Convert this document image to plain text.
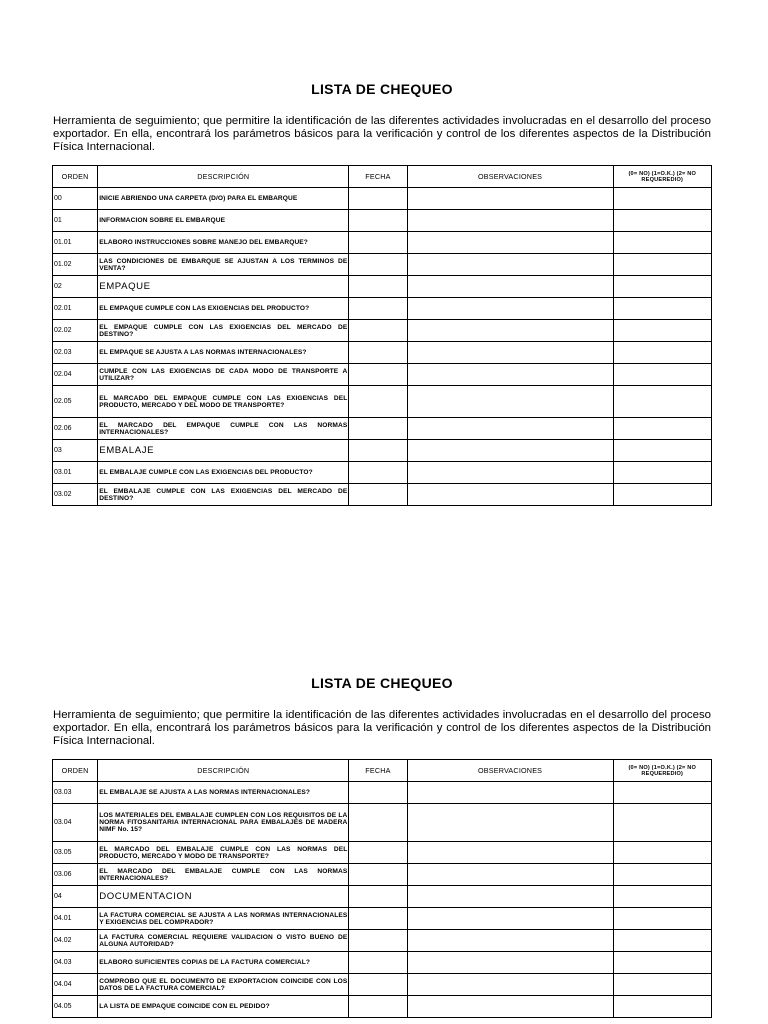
LISTA DE CHEQUEO

Herramienta de seguimiento; que permitire la identificación de las diferentes actividades involucradas en el desarrollo del proceso exportador. En ella, encontrará los parámetros básicos para la verificación y control de los diferentes aspectos de la Distribución Física Internacional.

ORDEN	DESCRIPCIÓN	FECHA	OBSERVACIONES	(0= NO) (1=O.K.) (2= NO REQUEREDIO)
00	INICIE ABRIENDO UNA CARPETA (D/O) PARA EL EMBARQUE			
01	INFORMACION SOBRE EL EMBARQUE			
01.01	ELABORO INSTRUCCIONES SOBRE MANEJO DEL EMBARQUE?			
01.02	LAS CONDICIONES DE EMBARQUE SE AJUSTAN A LOS TERMINOS DE VENTA?			
02	EMPAQUE			
02.01	EL EMPAQUE CUMPLE CON LAS EXIGENCIAS DEL PRODUCTO?			
02.02	EL EMPAQUE CUMPLE CON LAS EXIGENCIAS DEL MERCADO DE DESTINO?			
02.03	EL EMPAQUE SE AJUSTA A LAS NORMAS INTERNACIONALES?			
02.04	CUMPLE CON LAS EXIGENCIAS DE CADA MODO DE TRANSPORTE A UTILIZAR?			
02.05	EL MARCADO DEL EMPAQUE CUMPLE CON LAS EXIGENCIAS DEL PRODUCTO, MERCADO Y DEL MODO DE TRANSPORTE?			
02.06	EL MARCADO DEL EMPAQUE CUMPLE CON LAS NORMAS INTERNACIONALES?			
03	EMBALAJE			
03.01	EL EMBALAJE CUMPLE CON LAS EXIGENCIAS DEL PRODUCTO?			
03.02	EL EMBALAJE CUMPLE CON LAS EXIGENCIAS DEL MERCADO DE DESTINO?			
LISTA DE CHEQUEO

Herramienta de seguimiento; que permitire la identificación de las diferentes actividades involucradas en el desarrollo del proceso exportador. En ella, encontrará los parámetros básicos para la verificación y control de los diferentes aspectos de la Distribución Física Internacional.

ORDEN	DESCRIPCIÓN	FECHA	OBSERVACIONES	(0= NO) (1=O.K.) (2= NO REQUEREDIO)
03.03	EL EMBALAJE SE AJUSTA A LAS NORMAS INTERNACIONALES?			
03.04	LOS MATERIALES DEL EMBALAJE CUMPLEN CON LOS REQUISITOS DE LA NORMA FITOSANITARIA INTERNACIONAL PARA EMBALAJES DE MADERA NIMF No. 15?			
03.05	EL MARCADO DEL EMBALAJE CUMPLE CON LAS NORMAS DEL PRODUCTO, MERCADO Y MODO DE TRANSPORTE?			
03.06	EL MARCADO DEL EMBALAJE CUMPLE CON LAS NORMAS INTERNACIONALES?			
04	DOCUMENTACION			
04.01	LA FACTURA COMERCIAL SE AJUSTA A LAS NORMAS INTERNACIONALES Y EXIGENCIAS DEL COMPRADOR?			
04.02	LA FACTURA COMERCIAL REQUIERE VALIDACION O VISTO BUENO DE ALGUNA AUTORIDAD?			
04.03	ELABORO SUFICIENTES COPIAS DE LA FACTURA COMERCIAL?			
04.04	COMPROBO QUE EL DOCUMENTO DE EXPORTACION COINCIDE CON LOS DATOS DE LA FACTURA COMERCIAL?			
04.05	LA LISTA DE EMPAQUE COINCIDE CON EL PEDIDO?			
